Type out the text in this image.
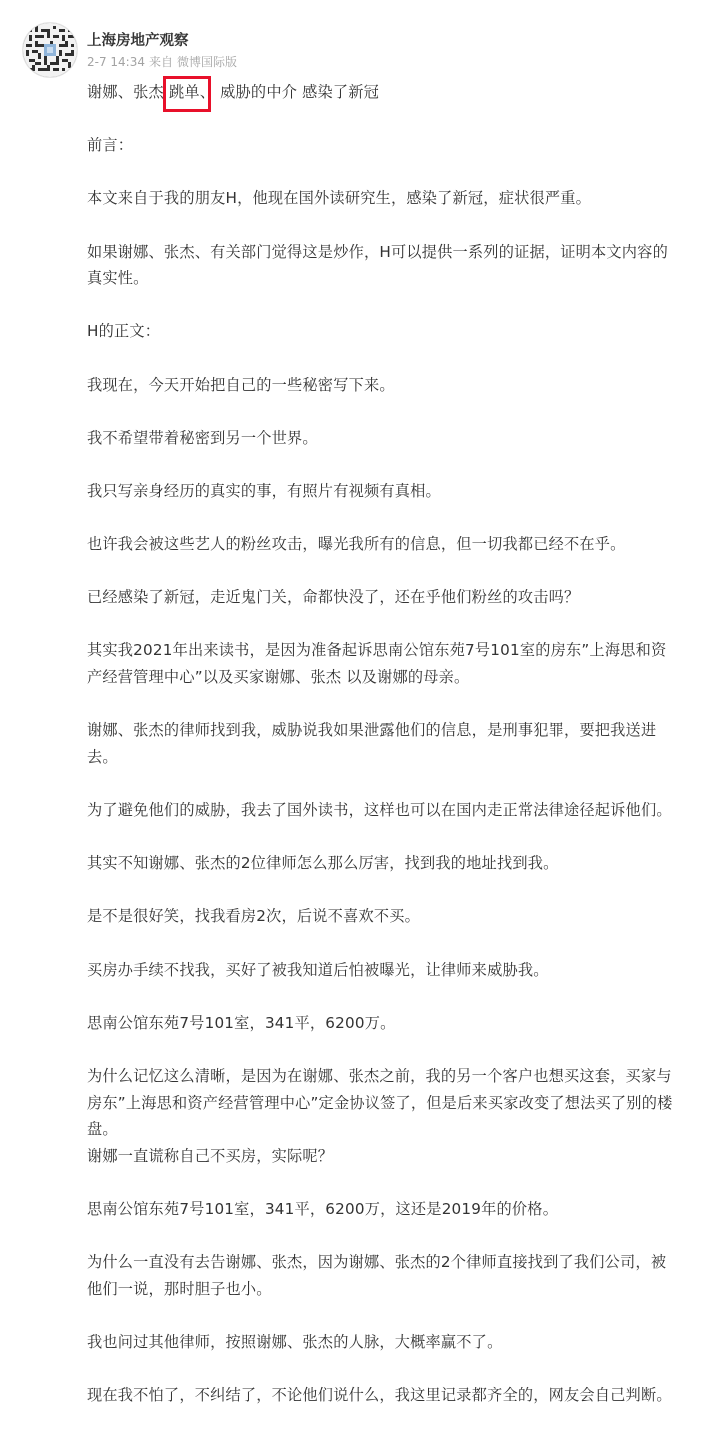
上海房地产观察
2-7 14:34 来自 微博国际版

谢娜、张杰 跳单、 威胁的中介 感染了新冠

前言：

本文来自于我的朋友H，他现在国外读研究生，感染了新冠，症状很严重。

如果谢娜、张杰、有关部门觉得这是炒作，H可以提供一系列的证据，证明本文内容的真实性。

H的正文：

我现在，今天开始把自己的一些秘密写下来。

我不希望带着秘密到另一个世界。

我只写亲身经历的真实的事，有照片有视频有真相。

也许我会被这些艺人的粉丝攻击，曝光我所有的信息，但一切我都已经不在乎。

已经感染了新冠，走近鬼门关，命都快没了，还在乎他们粉丝的攻击吗？

其实我2021年出来读书，是因为准备起诉思南公馆东苑7号101室的房东”上海思和资产经营管理中心”以及买家谢娜、张杰 以及谢娜的母亲。

谢娜、张杰的律师找到我，威胁说我如果泄露他们的信息，是刑事犯罪，要把我送进去。

为了避免他们的威胁，我去了国外读书，这样也可以在国内走正常法律途径起诉他们。

其实不知谢娜、张杰的2位律师怎么那么厉害，找到我的地址找到我。

是不是很好笑，找我看房2次，后说不喜欢不买。

买房办手续不找我，买好了被我知道后怕被曝光，让律师来威胁我。

思南公馆东苑7号101室，341平，6200万。

为什么记忆这么清晰，是因为在谢娜、张杰之前，我的另一个客户也想买这套，买家与房东”上海思和资产经营管理中心”定金协议签了，但是后来买家改变了想法买了别的楼盘。

谢娜一直谎称自己不买房，实际呢？

思南公馆东苑7号101室，341平，6200万，这还是2019年的价格。

为什么一直没有去告谢娜、张杰，因为谢娜、张杰的2个律师直接找到了我们公司，被他们一说，那时胆子也小。

我也问过其他律师，按照谢娜、张杰的人脉，大概率赢不了。

现在我不怕了，不纠结了，不论他们说什么，我这里记录都齐全的，网友会自己判断。
